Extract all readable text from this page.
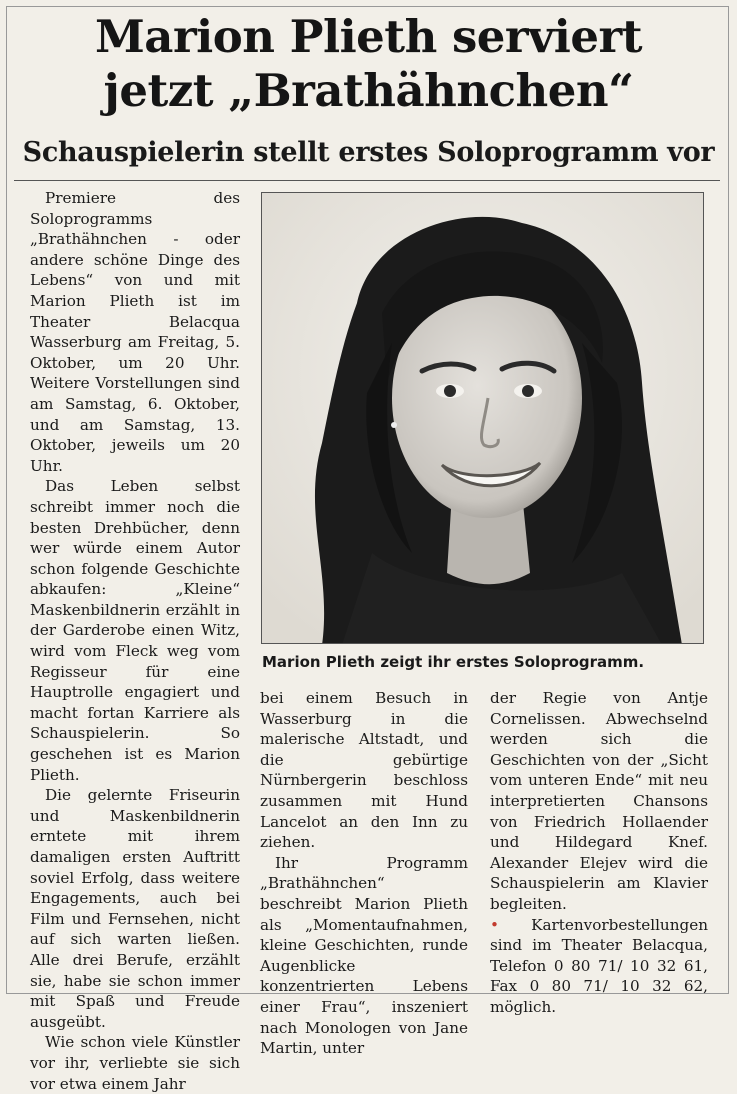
Marion Plieth serviert
jetzt „Brathähnchen“
Schauspielerin stellt erstes Soloprogramm vor

Premiere des Soloprogramms „Brathähnchen - oder andere schöne Dinge des Lebens“ von und mit Marion Plieth ist im Theater Belacqua Wasserburg am Freitag, 5. Oktober, um 20 Uhr. Weitere Vorstellungen sind am Samstag, 6. Oktober, und am Samstag, 13. Oktober, jeweils um 20 Uhr.

Das Leben selbst schreibt immer noch die besten Drehbücher, denn wer würde einem Autor schon folgende Geschichte abkaufen: „Kleine“ Maskenbildnerin erzählt in der Garderobe einen Witz, wird vom Fleck weg vom Regisseur für eine Hauptrolle engagiert und macht fortan Karriere als Schauspielerin. So geschehen ist es Marion Plieth.

Die gelernte Friseurin und Maskenbildnerin erntete mit ihrem damaligen ersten Auftritt soviel Erfolg, dass weitere Engagements, auch bei Film und Fernsehen, nicht auf sich warten ließen. Alle drei Berufe, erzählt sie, habe sie schon immer mit Spaß und Freude ausgeübt.

Wie schon viele Künstler vor ihr, verliebte sie sich vor etwa einem Jahr

Marion Plieth zeigt ihr erstes Soloprogramm.

bei einem Besuch in Wasserburg in die malerische Altstadt, und die gebürtige Nürnbergerin beschloss zusammen mit Hund Lancelot an den Inn zu ziehen.

Ihr Programm „Brathähnchen“ beschreibt Marion Plieth als „Momentaufnahmen, kleine Geschichten, runde Augenblicke konzentrierten Lebens einer Frau“, inszeniert nach Monologen von Jane Martin, unter

der Regie von Antje Cornelissen. Abwechselnd werden sich die Geschichten von der „Sicht vom unteren Ende“ mit neu interpretierten Chansons von Friedrich Hollaender und Hildegard Knef. Alexander Elejev wird die Schauspielerin am Klavier begleiten.

• Kartenvorbestellungen sind im Theater Belacqua, Telefon 0 80 71/ 10 32 61, Fax 0 80 71/ 10 32 62, möglich.
